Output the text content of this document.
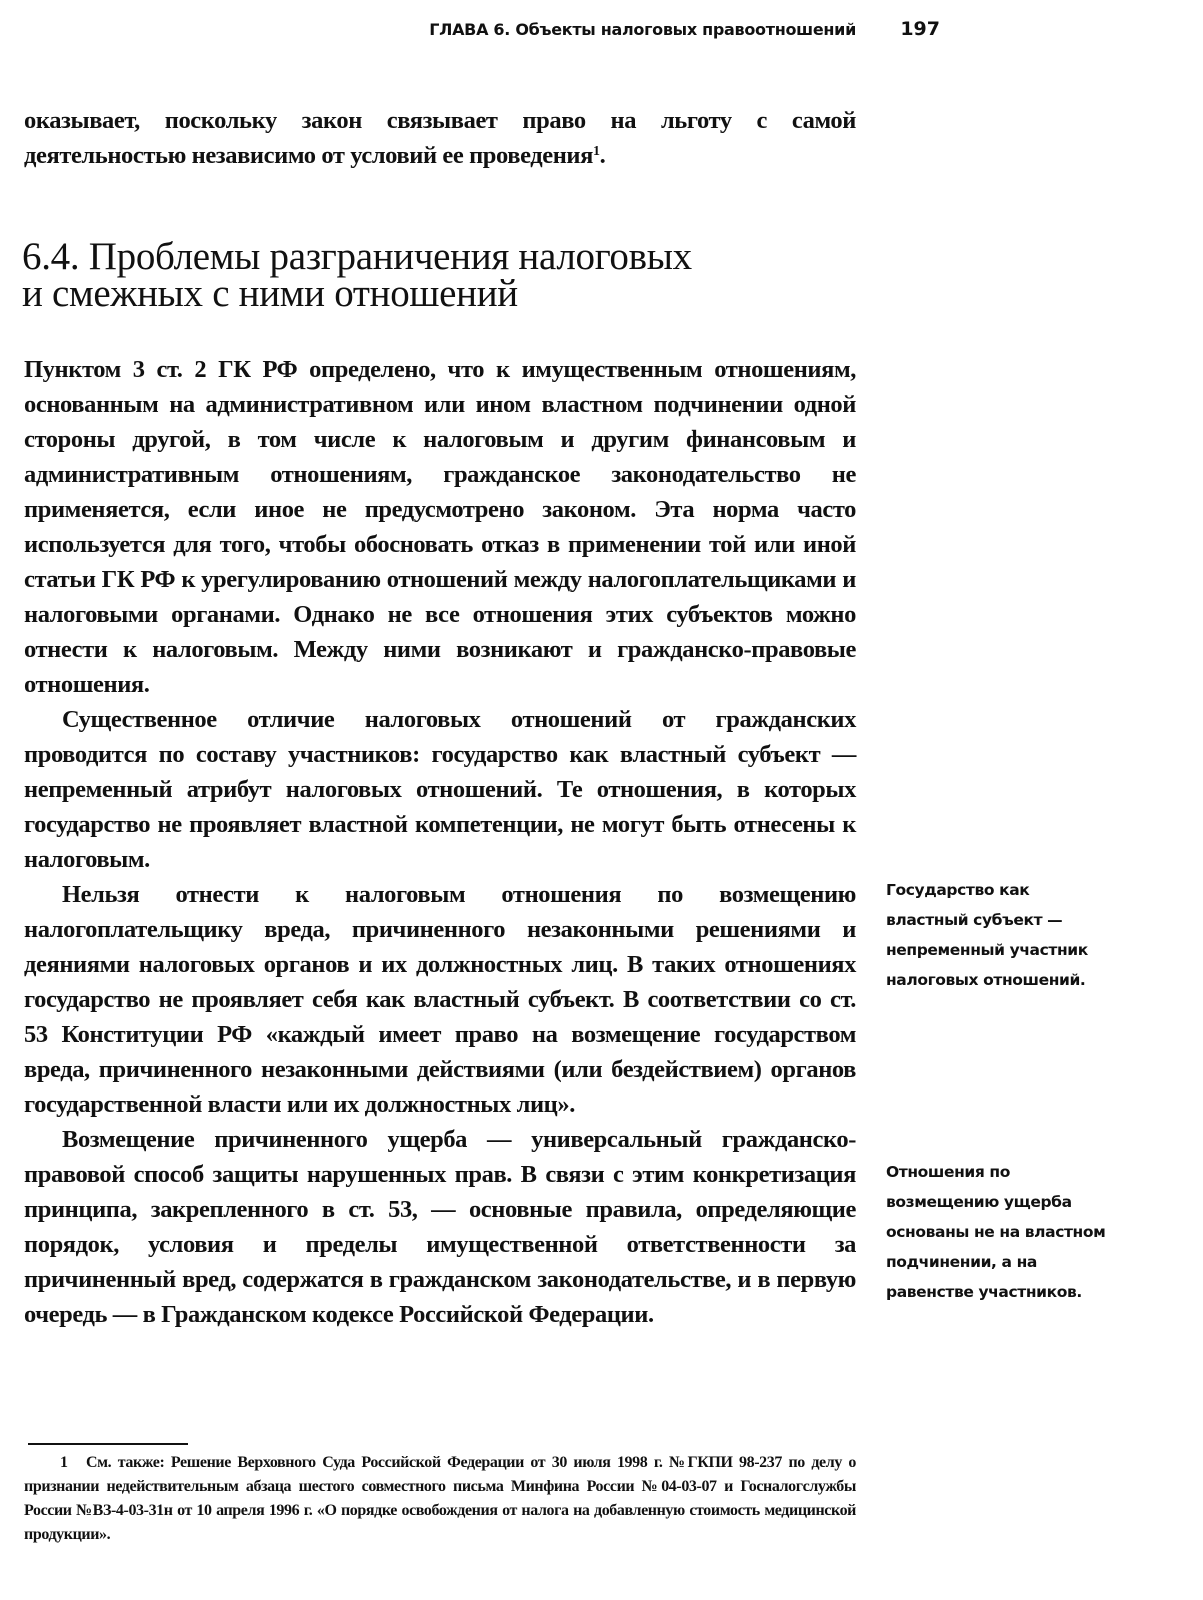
ГЛАВА 6. Объекты налоговых правоотношений 197

оказывает, поскольку закон связывает право на льготу с самой деятельностью независимо от условий ее проведения$^1$.

6.4. Проблемы разграничения налоговых
и смежных с ними отношений

Пунктом 3 ст. 2 ГК РФ определено, что к имущественным отношениям, основанным на административном или ином властном подчинении одной стороны другой, в том числе к налоговым и другим финансовым и административным отношениям, гражданское законодательство не применяется, если иное не предусмотрено законом. Эта норма часто используется для того, чтобы обосновать отказ в применении той или иной статьи ГК РФ к урегулированию отношений между налогоплательщиками и налоговыми органами. Однако не все отношения этих субъектов можно отнести к налоговым. Между ними возникают и гражданско-правовые отношения.

Существенное отличие налоговых отношений от гражданских проводится по составу участников: государство как властный субъект — непременный атрибут налоговых отношений. Те отношения, в которых государство не проявляет властной компетенции, не могут быть отнесены к налоговым.

Нельзя отнести к налоговым отношения по возмещению налогоплательщику вреда, причиненного незаконными решениями и деяниями налоговых органов и их должностных лиц. В таких отношениях государство не проявляет себя как властный субъект. В соответствии со ст. 53 Конституции РФ «каждый имеет право на возмещение государством вреда, причиненного незаконными действиями (или бездействием) органов государственной власти или их должностных лиц».

Возмещение причиненного ущерба — универсальный гражданско-правовой способ защиты нарушенных прав. В связи с этим конкретизация принципа, закрепленного в ст. 53, — основные правила, определяющие порядок, условия и пределы имущественной ответственности за причиненный вред, содержатся в гражданском законодательстве, и в первую очередь — в Гражданском кодексе Российской Федерации.

Государство как властный субъект — непременный участник налоговых отношений.

Отношения по возмещению ущерба основаны не на властном подчинении, а на равенстве участников.

1 См. также: Решение Верховного Суда Российской Федерации от 30 июля 1998 г. №ГКПИ 98-237 по делу о признании недействительным абзаца шестого совместного письма Минфина России №04-03-07 и Госналогслужбы России №ВЗ-4-03-31н от 10 апреля 1996 г. «О порядке освобождения от налога на добавленную стоимость медицинской продукции».
